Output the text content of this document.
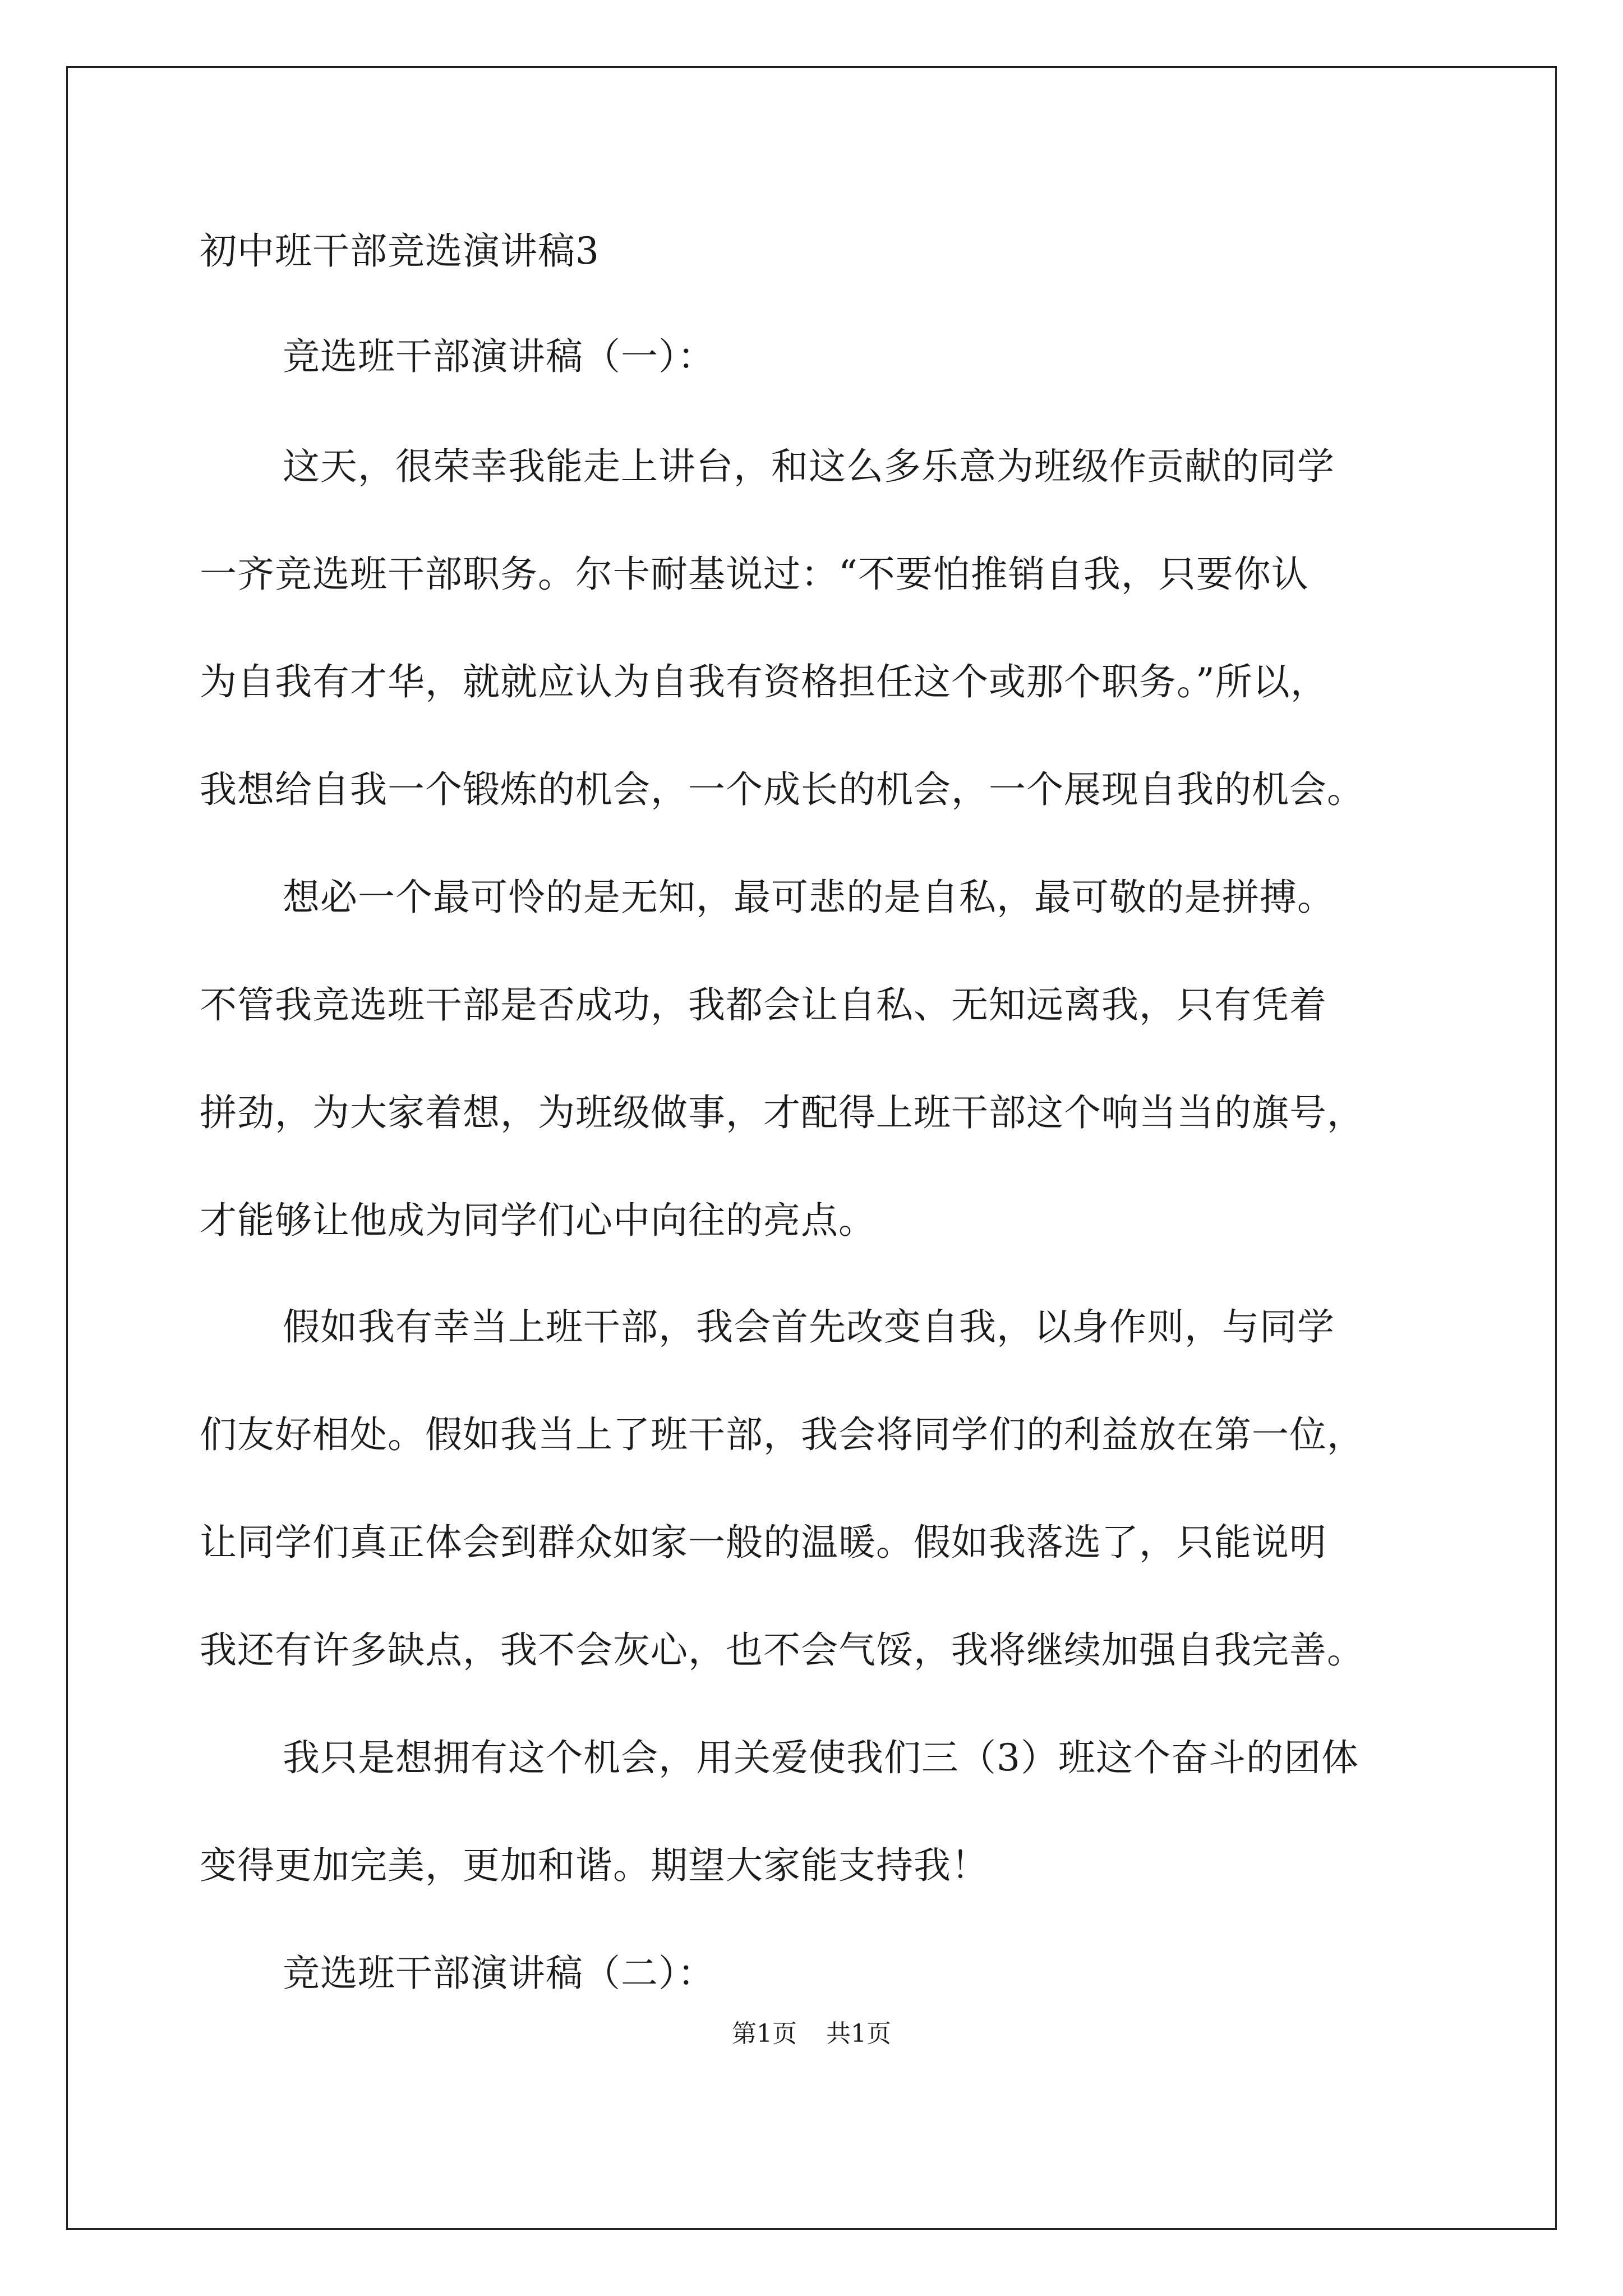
初中班干部竞选演讲稿3
竞选班干部演讲稿（一）：
这天，很荣幸我能走上讲台，和这么多乐意为班级作贡献的同学
一齐竞选班干部职务。尔卡耐基说过：“不要怕推销自我，只要你认
为自我有才华，就就应认为自我有资格担任这个或那个职务。”所以，
我想给自我一个锻炼的机会，一个成长的机会，一个展现自我的机会。
想必一个最可怜的是无知，最可悲的是自私，最可敬的是拼搏。
不管我竞选班干部是否成功，我都会让自私、无知远离我，只有凭着
拼劲，为大家着想，为班级做事，才配得上班干部这个响当当的旗号，
才能够让他成为同学们心中向往的亮点。
假如我有幸当上班干部，我会首先改变自我，以身作则，与同学
们友好相处。假如我当上了班干部，我会将同学们的利益放在第一位，
让同学们真正体会到群众如家一般的温暖。假如我落选了，只能说明
我还有许多缺点，我不会灰心，也不会气馁，我将继续加强自我完善。
我只是想拥有这个机会，用关爱使我们三（3）班这个奋斗的团体
变得更加完美，更加和谐。期望大家能支持我！
竞选班干部演讲稿（二）：
第1页 共1页
